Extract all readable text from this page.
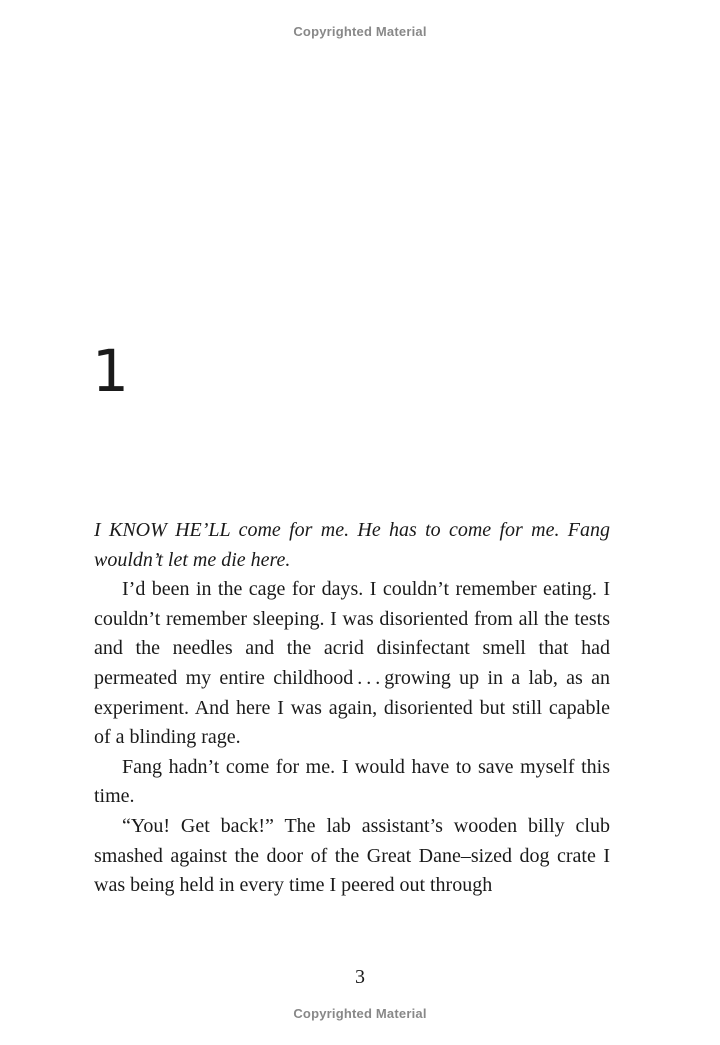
Copyrighted Material
1

I KNOW HE’LL come for me. He has to come for me. Fang wouldn’t let me die here.

I’d been in the cage for days. I couldn’t remember eating. I couldn’t remember sleeping. I was disoriented from all the tests and the needles and the acrid disinfectant smell that had permeated my entire childhood . . . growing up in a lab, as an experiment. And here I was again, disoriented but still capable of a blinding rage.

Fang hadn’t come for me. I would have to save myself this time.

“You! Get back!” The lab assistant’s wooden billy club smashed against the door of the Great Dane–sized dog crate I was being held in every time I peered out through

3
Copyrighted Material
